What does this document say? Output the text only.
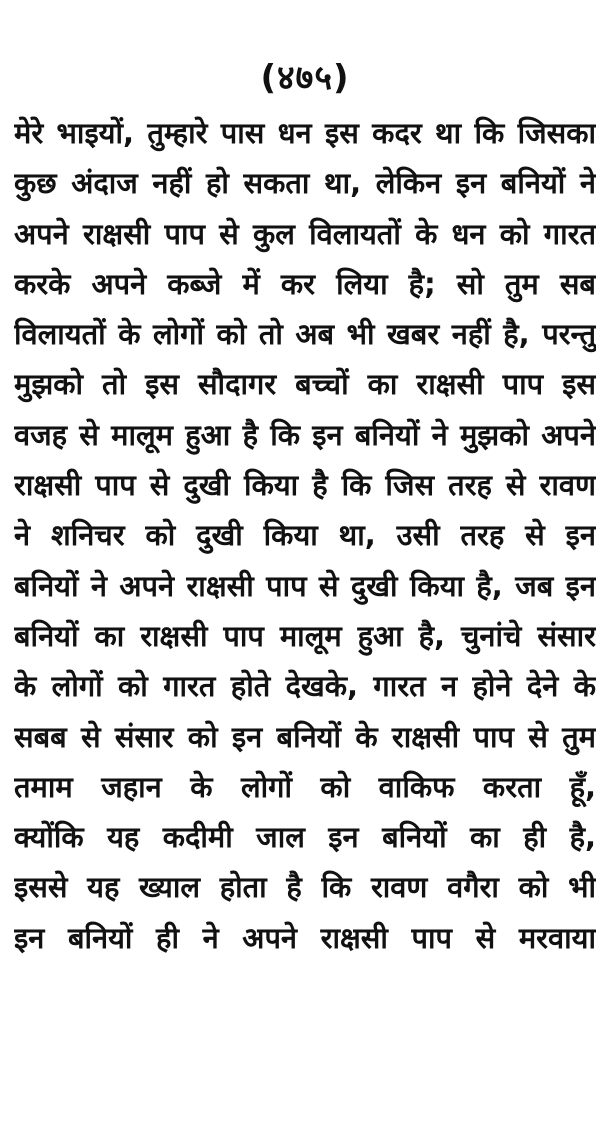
(४७५)
मेरे भाइयों, तुम्हारे पास धन इस कदर था कि जिसका
कुछ अंदाज नहीं हो सकता था, लेकिन इन बनियों ने
अपने राक्षसी पाप से कुल विलायतों के धन को गारत
करके अपने कब्जे में कर लिया है; सो तुम सब
विलायतों के लोगों को तो अब भी खबर नहीं है, परन्तु
मुझको तो इस सौदागर बच्चों का राक्षसी पाप इस
वजह से मालूम हुआ है कि इन बनियों ने मुझको अपने
राक्षसी पाप से दुखी किया है कि जिस तरह से रावण
ने शनिचर को दुखी किया था, उसी तरह से इन
बनियों ने अपने राक्षसी पाप से दुखी किया है, जब इन
बनियों का राक्षसी पाप मालूम हुआ है, चुनांचे संसार
के लोगों को गारत होते देखके, गारत न होने देने के
सबब से संसार को इन बनियों के राक्षसी पाप से तुम
तमाम जहान के लोगों को वाकिफ करता हूँ,
क्योंकि यह कदीमी जाल इन बनियों का ही है,
इससे यह ख्याल होता है कि रावण वगैरा को भी
इन बनियों ही ने अपने राक्षसी पाप से मरवाया
